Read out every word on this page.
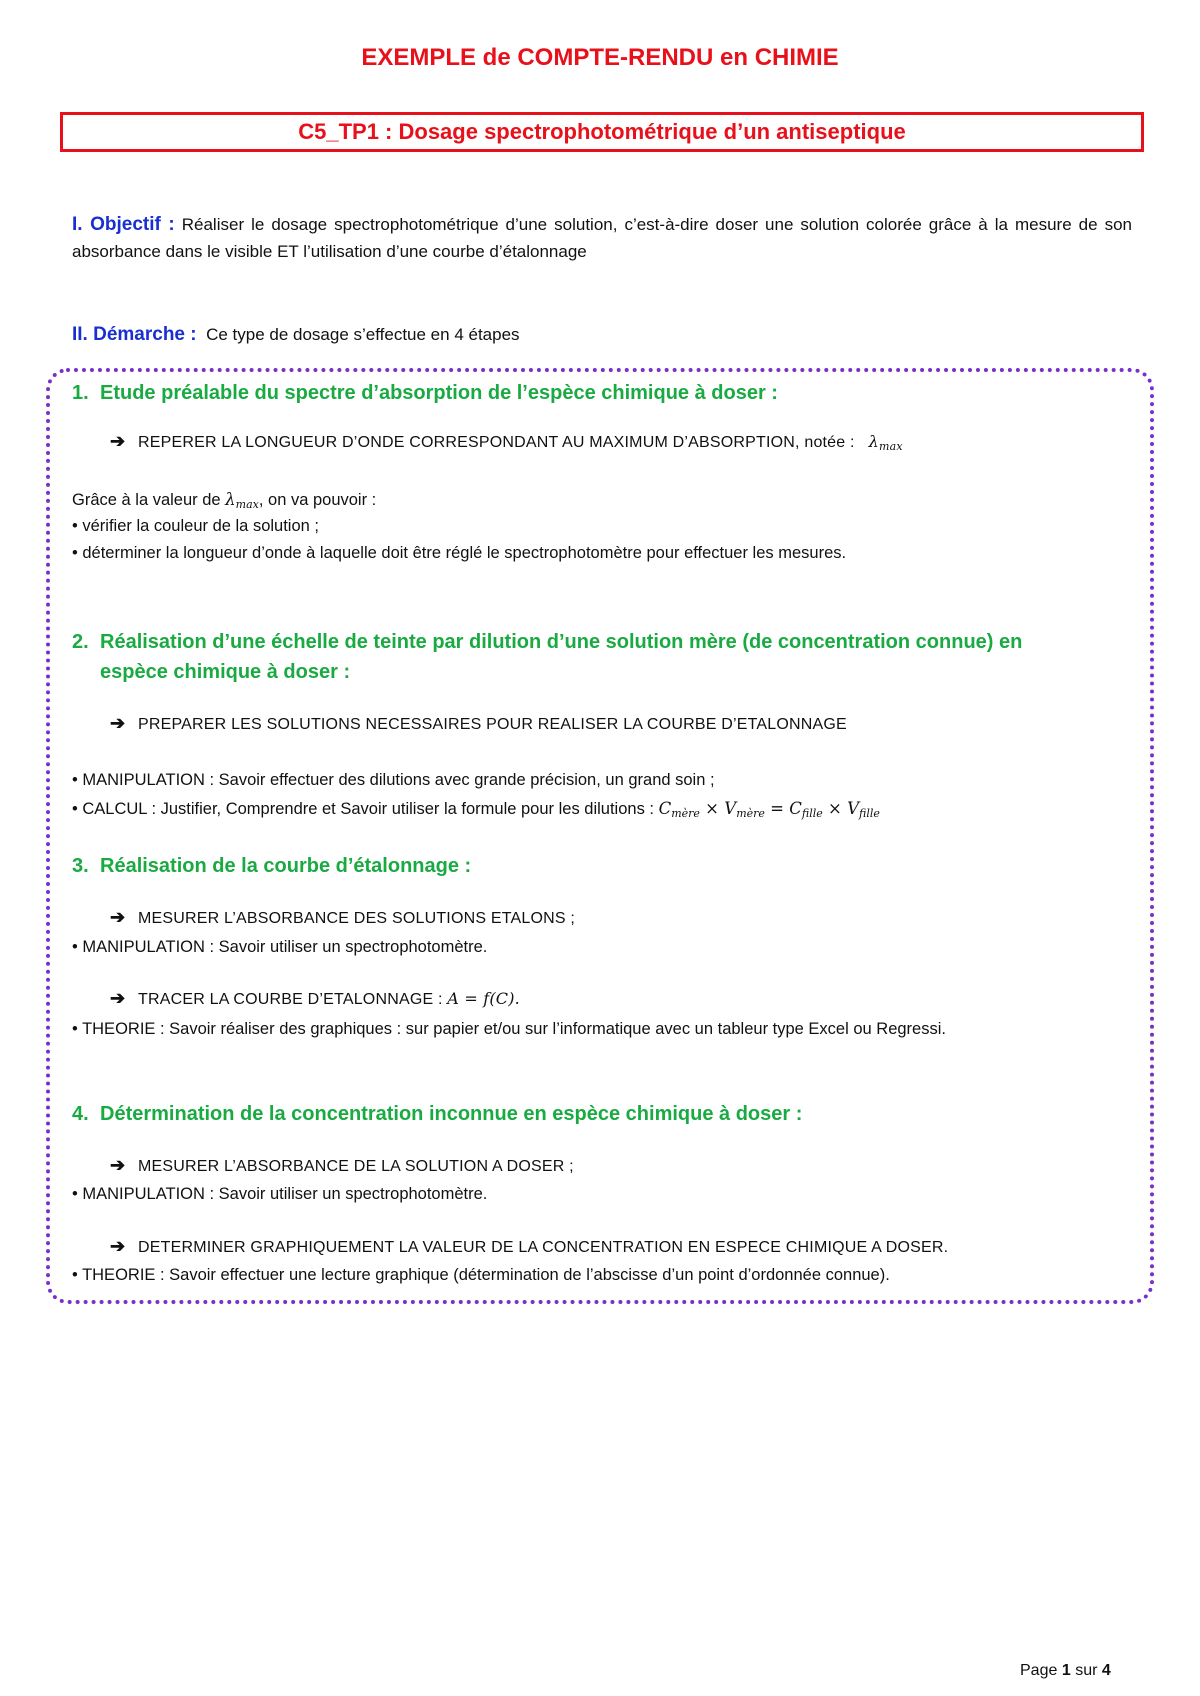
EXEMPLE de COMPTE-RENDU en CHIMIE
C5_TP1 : Dosage spectrophotométrique d’un antiseptique
I. Objectif : Réaliser le dosage spectrophotométrique d’une solution, c’est-à-dire doser une solution colorée grâce à la mesure de son absorbance dans le visible ET l’utilisation d’une courbe d’étalonnage
II. Démarche : Ce type de dosage s’effectue en 4 étapes
1. Etude préalable du spectre d’absorption de l’espèce chimique à doser :
➔ REPERER LA LONGUEUR D’ONDE CORRESPONDANT AU MAXIMUM D’ABSORPTION, notée : $\lambda_{max}$
Grâce à la valeur de $\lambda_{max}$, on va pouvoir :
• vérifier la couleur de la solution ;
• déterminer la longueur d’onde à laquelle doit être réglé le spectrophotomètre pour effectuer les mesures.
2. Réalisation d’une échelle de teinte par dilution d’une solution mère (de concentration connue) en
espèce chimique à doser :
➔ PREPARER LES SOLUTIONS NECESSAIRES POUR REALISER LA COURBE D’ETALONNAGE
• MANIPULATION : Savoir effectuer des dilutions avec grande précision, un grand soin ;
• CALCUL : Justifier, Comprendre et Savoir utiliser la formule pour les dilutions : $C_{mère} \times V_{mère} = C_{fille} \times V_{fille}$
3. Réalisation de la courbe d’étalonnage :
➔ MESURER L’ABSORBANCE DES SOLUTIONS ETALONS ;
• MANIPULATION : Savoir utiliser un spectrophotomètre.
➔ TRACER LA COURBE D’ETALONNAGE : A = f(C).
• THEORIE : Savoir réaliser des graphiques : sur papier et/ou sur l’informatique avec un tableur type Excel ou Regressi.
4. Détermination de la concentration inconnue en espèce chimique à doser :
➔ MESURER L’ABSORBANCE DE LA SOLUTION A DOSER ;
• MANIPULATION : Savoir utiliser un spectrophotomètre.
➔ DETERMINER GRAPHIQUEMENT LA VALEUR DE LA CONCENTRATION EN ESPECE CHIMIQUE A DOSER.
• THEORIE : Savoir effectuer une lecture graphique (détermination de l’abscisse d’un point d’ordonnée connue).
Page 1 sur 4
